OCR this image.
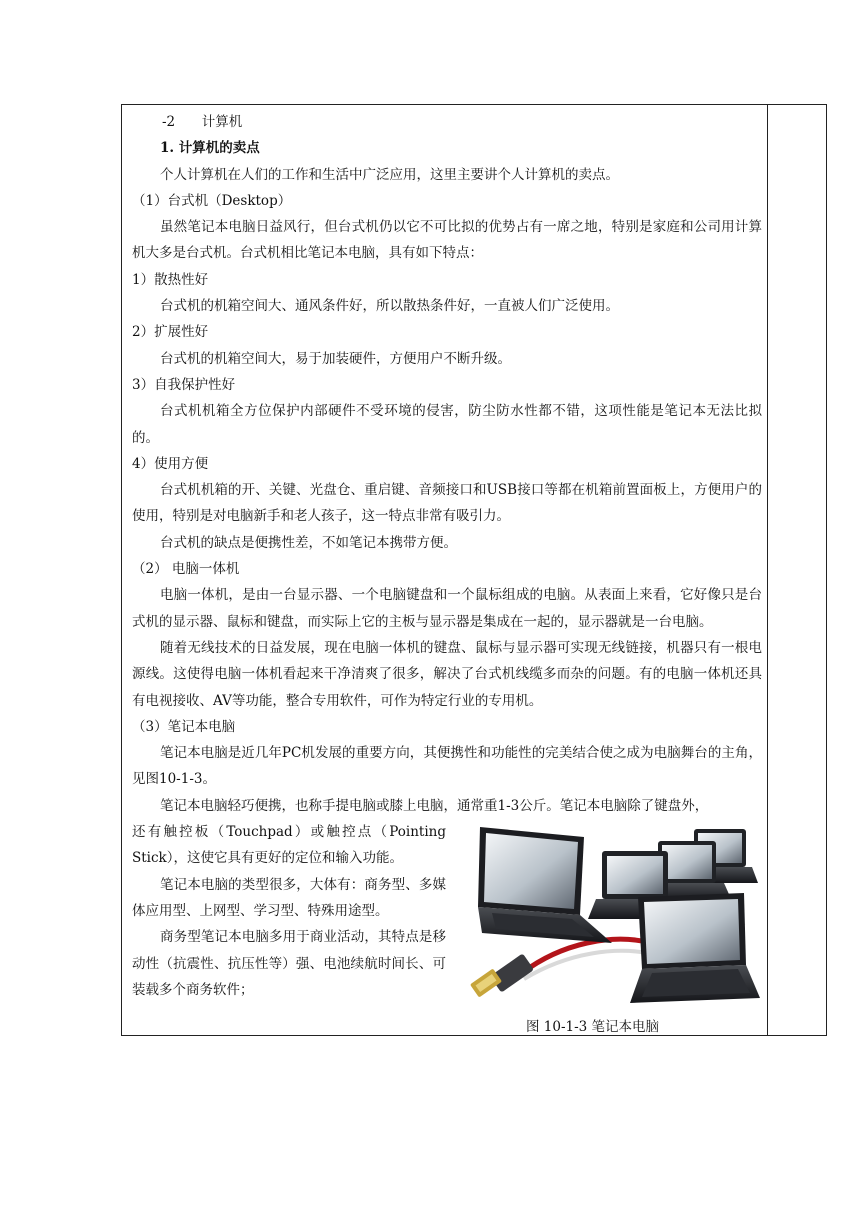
-2 计算机
1. 计算机的卖点

个人计算机在人们的工作和生活中广泛应用，这里主要讲个人计算机的卖点。

（1）台式机（Desktop）

虽然笔记本电脑日益风行，但台式机仍以它不可比拟的优势占有一席之地，特别是家庭和公司用计算机大多是台式机。台式机相比笔记本电脑，具有如下特点：

1）散热性好

台式机的机箱空间大、通风条件好，所以散热条件好，一直被人们广泛使用。

2）扩展性好

台式机的机箱空间大，易于加装硬件，方便用户不断升级。

3）自我保护性好

台式机机箱全方位保护内部硬件不受环境的侵害，防尘防水性都不错，这项性能是笔记本无法比拟的。

4）使用方便

台式机机箱的开、关键、光盘仓、重启键、音频接口和USB接口等都在机箱前置面板上，方便用户的使用，特别是对电脑新手和老人孩子，这一特点非常有吸引力。

台式机的缺点是便携性差，不如笔记本携带方便。

（2） 电脑一体机

电脑一体机，是由一台显示器、一个电脑键盘和一个鼠标组成的电脑。从表面上来看，它好像只是台式机的显示器、鼠标和键盘，而实际上它的主板与显示器是集成在一起的，显示器就是一台电脑。

随着无线技术的日益发展，现在电脑一体机的键盘、鼠标与显示器可实现无线链接，机器只有一根电源线。这使得电脑一体机看起来干净清爽了很多，解决了台式机线缆多而杂的问题。有的电脑一体机还具有电视接收、AV等功能，整合专用软件，可作为特定行业的专用机。

（3）笔记本电脑

笔记本电脑是近几年PC机发展的重要方向，其便携性和功能性的完美结合使之成为电脑舞台的主角，见图10-1-3。

笔记本电脑轻巧便携，也称手提电脑或膝上电脑，通常重1-3公斤。笔记本电脑除了键盘外，

还有触控板（Touchpad）或触控点（Pointing Stick），这使它具有更好的定位和输入功能。

笔记本电脑的类型很多，大体有：商务型、多媒体应用型、上网型、学习型、特殊用途型。

商务型笔记本电脑多用于商业活动，其特点是移动性（抗震性、抗压性等）强、电池续航时间长、可装载多个商务软件；

图 10-1-3 笔记本电脑
